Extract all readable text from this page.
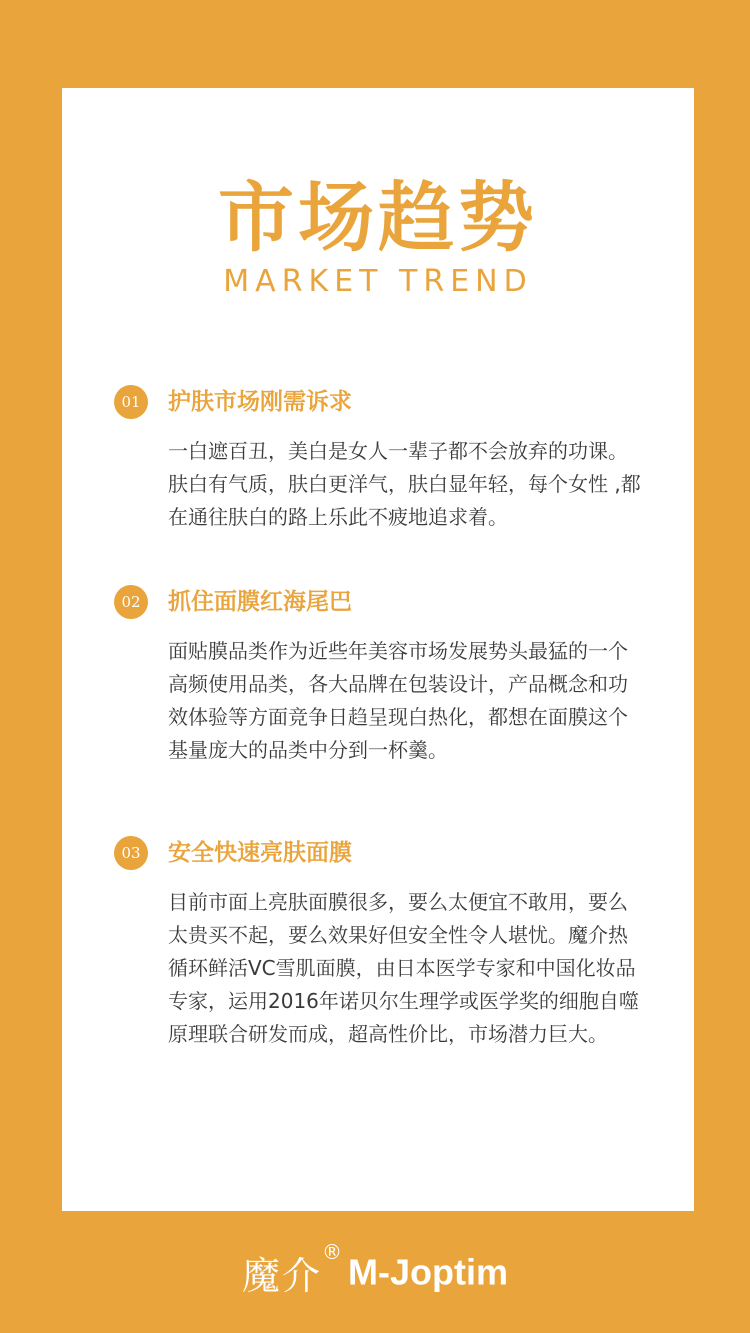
市场趋势
MARKET TREND
01	护肤市场刚需诉求
一白遮百丑，美白是女人一辈子都不会放弃的功课。肤白有气质，肤白更洋气，肤白显年轻，每个女性 ,都在通往肤白的路上乐此不疲地追求着。
02	抓住面膜红海尾巴
面贴膜品类作为近些年美容市场发展势头最猛的一个高频使用品类，各大品牌在包装设计，产品概念和功效体验等方面竞争日趋呈现白热化，都想在面膜这个基量庞大的品类中分到一杯羹。
03	安全快速亮肤面膜
目前市面上亮肤面膜很多，要么太便宜不敢用，要么太贵买不起，要么效果好但安全性令人堪忧。魔介热循环鲜活VC雪肌面膜，由日本医学专家和中国化妆品专家，运用2016年诺贝尔生理学或医学奖的细胞自噬原理联合研发而成，超高性价比，市场潜力巨大。
魔介® M-Joptim
